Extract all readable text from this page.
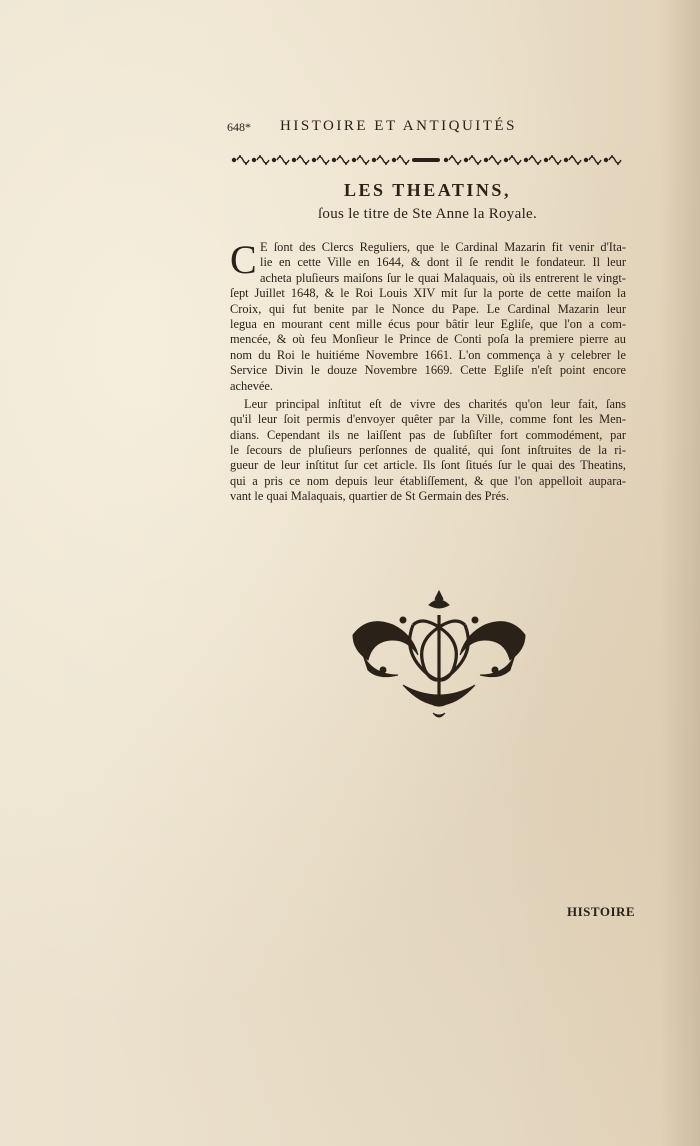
648* HISTOIRE ET ANTIQUITÉS
LES THEATINS,
ſous le titre de Ste Anne la Royale.
C E ſont des Clercs Reguliers, que le Cardinal Mazarin fit venir d'Ita-
lie en cette Ville en 1644, & dont il ſe rendit le fondateur. Il leur
acheta pluſieurs maiſons ſur le quai Malaquais, où ils entrerent le vingt-
ſept Juillet 1648, & le Roi Louis XIV mit ſur la porte de cette maiſon la
Croix, qui fut benite par le Nonce du Pape. Le Cardinal Mazarin leur
legua en mourant cent mille écus pour bâtir leur Egliſe, que l'on a com-
mencée, & où feu Monſieur le Prince de Conti poſa la premiere pierre au
nom du Roi le huitiéme Novembre 1661. L'on commença à y celebrer le
Service Divin le douze Novembre 1669. Cette Egliſe n'eſt point encore
achevée.
Leur principal inſtitut eſt de vivre des charités qu'on leur fait, ſans
qu'il leur ſoit permis d'envoyer quêter par la Ville, comme font les Men-
dians. Cependant ils ne laiſſent pas de ſubſiſter fort commodément, par
le ſecours de pluſieurs perſonnes de qualité, qui ſont inſtruites de la ri-
gueur de leur inſtitut ſur cet article. Ils ſont ſitués ſur le quai des Theatins,
qui a pris ce nom depuis leur établiſſement, & que l'on appelloit aupara-
vant le quai Malaquais, quartier de St Germain des Prés.
HISTOIRE
